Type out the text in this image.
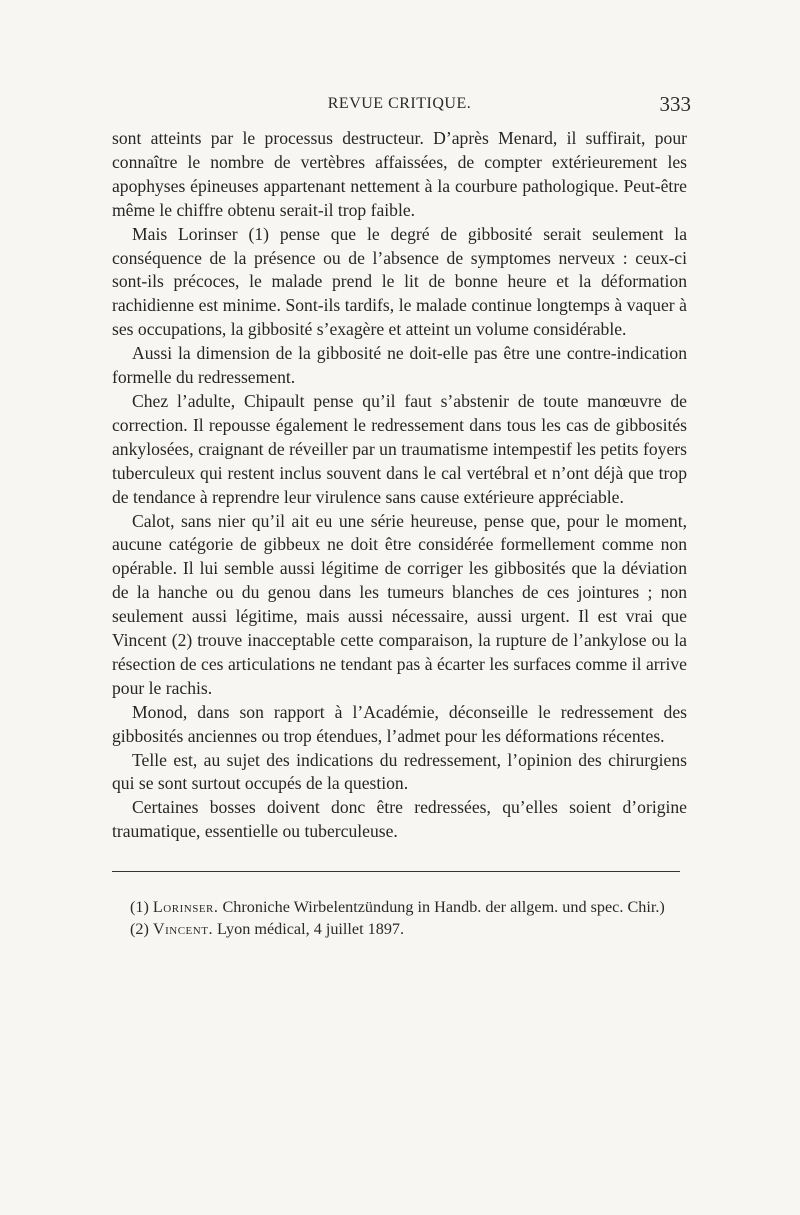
REVUE CRITIQUE.	333

sont atteints par le processus destructeur. D’après Menard, il suffirait, pour connaître le nombre de vertèbres affaissées, de compter extérieurement les apophyses épineuses appartenant nettement à la courbure pathologique. Peut-être même le chiffre obtenu serait-il trop faible.

Mais Lorinser (1) pense que le degré de gibbosité serait seulement la conséquence de la présence ou de l’absence de symptomes nerveux : ceux-ci sont-ils précoces, le malade prend le lit de bonne heure et la déformation rachidienne est minime. Sont-ils tardifs, le malade continue longtemps à vaquer à ses occupations, la gibbosité s’exagère et atteint un volume considérable.

Aussi la dimension de la gibbosité ne doit-elle pas être une contre-indication formelle du redressement.

Chez l’adulte, Chipault pense qu’il faut s’abstenir de toute manœuvre de correction. Il repousse également le redressement dans tous les cas de gibbosités ankylosées, craignant de réveiller par un traumatisme intempestif les petits foyers tuberculeux qui restent inclus souvent dans le cal vertébral et n’ont déjà que trop de tendance à reprendre leur virulence sans cause extérieure appréciable.

Calot, sans nier qu’il ait eu une série heureuse, pense que, pour le moment, aucune catégorie de gibbeux ne doit être considérée formellement comme non opérable. Il lui semble aussi légitime de corriger les gibbosités que la déviation de la hanche ou du genou dans les tumeurs blanches de ces jointures ; non seulement aussi légitime, mais aussi nécessaire, aussi urgent. Il est vrai que Vincent (2) trouve inacceptable cette comparaison, la rupture de l’ankylose ou la résection de ces articulations ne tendant pas à écarter les surfaces comme il arrive pour le rachis.

Monod, dans son rapport à l’Académie, déconseille le redressement des gibbosités anciennes ou trop étendues, l’admet pour les déformations récentes.

Telle est, au sujet des indications du redressement, l’opinion des chirurgiens qui se sont surtout occupés de la question.

Certaines bosses doivent donc être redressées, qu’elles soient d’origine traumatique, essentielle ou tuberculeuse.

(1) Lorinser. Chroniche Wirbelentzündung in Handb. der allgem. und spec. Chir.)

(2) Vincent. Lyon médical, 4 juillet 1897.
